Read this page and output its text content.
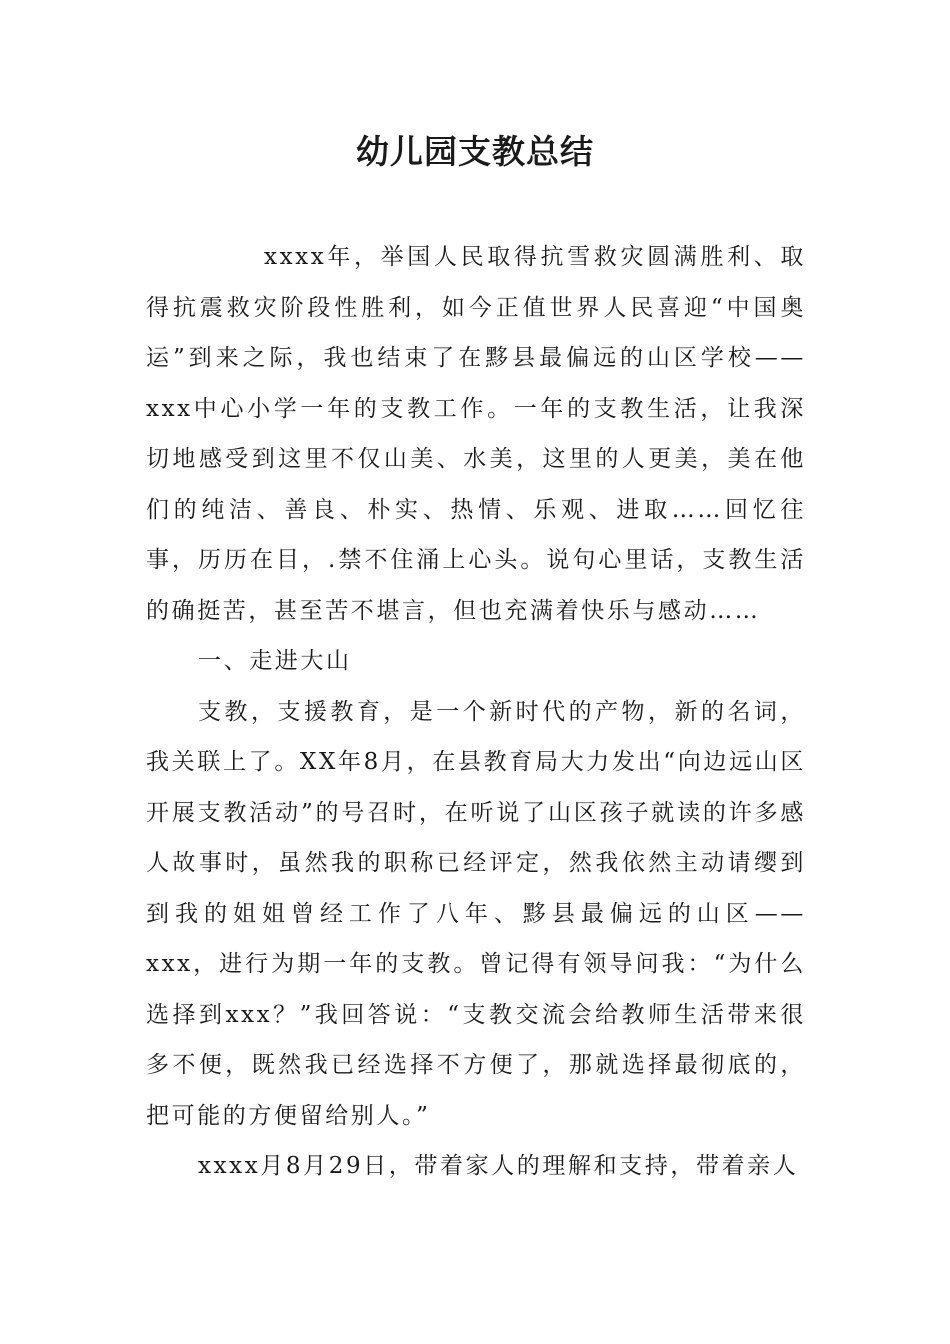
幼儿园支教总结

xxxx年，举国人民取得抗雪救灾圆满胜利、取得抗震救灾阶段性胜利，如今正值世界人民喜迎“中国奥运”到来之际，我也结束了在黟县最偏远的山区学校——xxx中心小学一年的支教工作。一年的支教生活，让我深切地感受到这里不仅山美、水美，这里的人更美，美在他们的纯洁、善良、朴实、热情、乐观、进取……回忆往事，历历在目，.禁不住涌上心头。说句心里话，支教生活的确挺苦，甚至苦不堪言，但也充满着快乐与感动……

一、走进大山

支教，支援教育，是一个新时代的产物，新的名词，我关联上了。XX年8月，在县教育局大力发出“向边远山区开展支教活动”的号召时，在听说了山区孩子就读的许多感人故事时，虽然我的职称已经评定，然我依然主动请缨到到我的姐姐曾经工作了八年、黟县最偏远的山区——xxx，进行为期一年的支教。曾记得有领导问我：“为什么选择到xxx？”我回答说：“支教交流会给教师生活带来很多不便，既然我已经选择不方便了，那就选择最彻底的，把可能的方便留给别人。”

xxxx月8月29日，带着家人的理解和支持，带着亲人
